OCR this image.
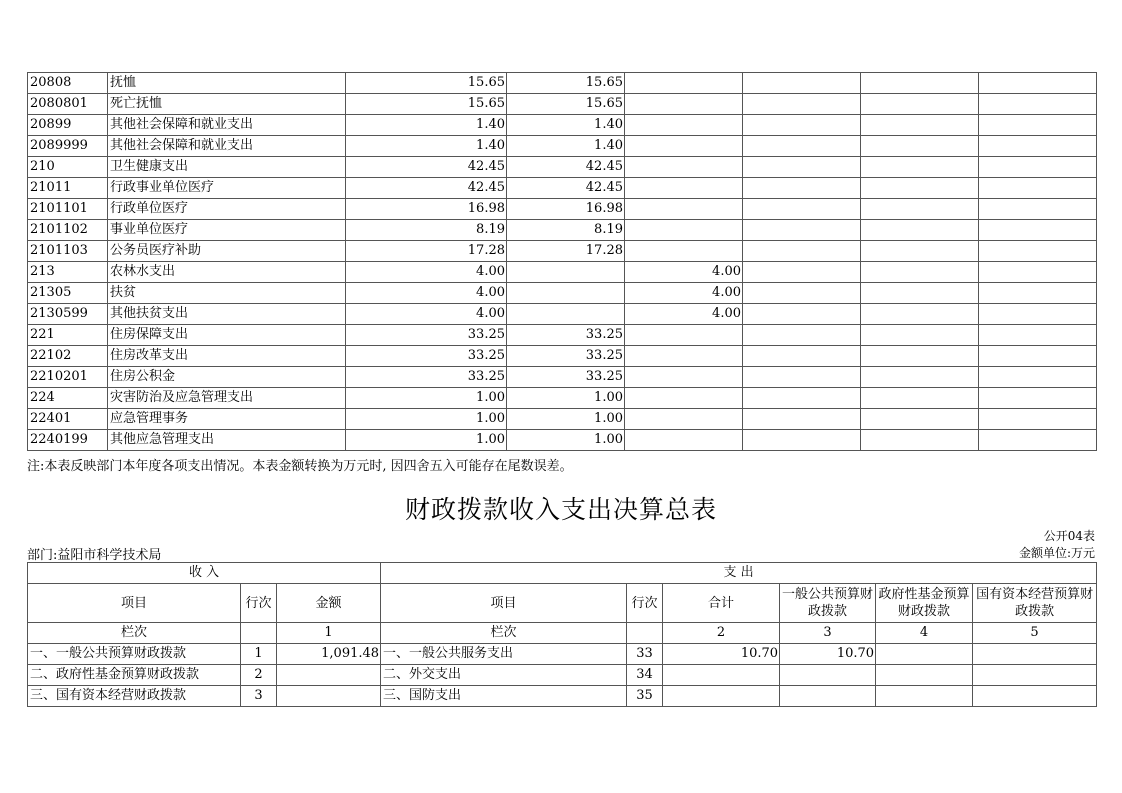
20808	抚恤	15.65	15.65				
2080801	死亡抚恤	15.65	15.65				
20899	其他社会保障和就业支出	1.40	1.40				
2089999	其他社会保障和就业支出	1.40	1.40				
210	卫生健康支出	42.45	42.45				
21011	行政事业单位医疗	42.45	42.45				
2101101	行政单位医疗	16.98	16.98				
2101102	事业单位医疗	8.19	8.19				
2101103	公务员医疗补助	17.28	17.28				
213	农林水支出	4.00		4.00			
21305	扶贫	4.00		4.00			
2130599	其他扶贫支出	4.00		4.00			
221	住房保障支出	33.25	33.25				
22102	住房改革支出	33.25	33.25				
2210201	住房公积金	33.25	33.25				
224	灾害防治及应急管理支出	1.00	1.00				
22401	应急管理事务	1.00	1.00				
2240199	其他应急管理支出	1.00	1.00				
注:本表反映部门本年度各项支出情况。本表金额转换为万元时, 因四舍五入可能存在尾数误差。
财政拨款收入支出决算总表
公开04表
部门:益阳市科学技术局	金额单位:万元
收 入			支 出					
项目	行次	金额	项目	行次	合计	一般公共预算财政拨款	政府性基金预算财政拨款	国有资本经营预算财政拨款
栏次		1	栏次		2	3	4	5
一、一般公共预算财政拨款	1	1,091.48	一、一般公共服务支出	33	10.70	10.70		
二、政府性基金预算财政拨款	2		二、外交支出	34				
三、国有资本经营财政拨款	3		三、国防支出	35				
